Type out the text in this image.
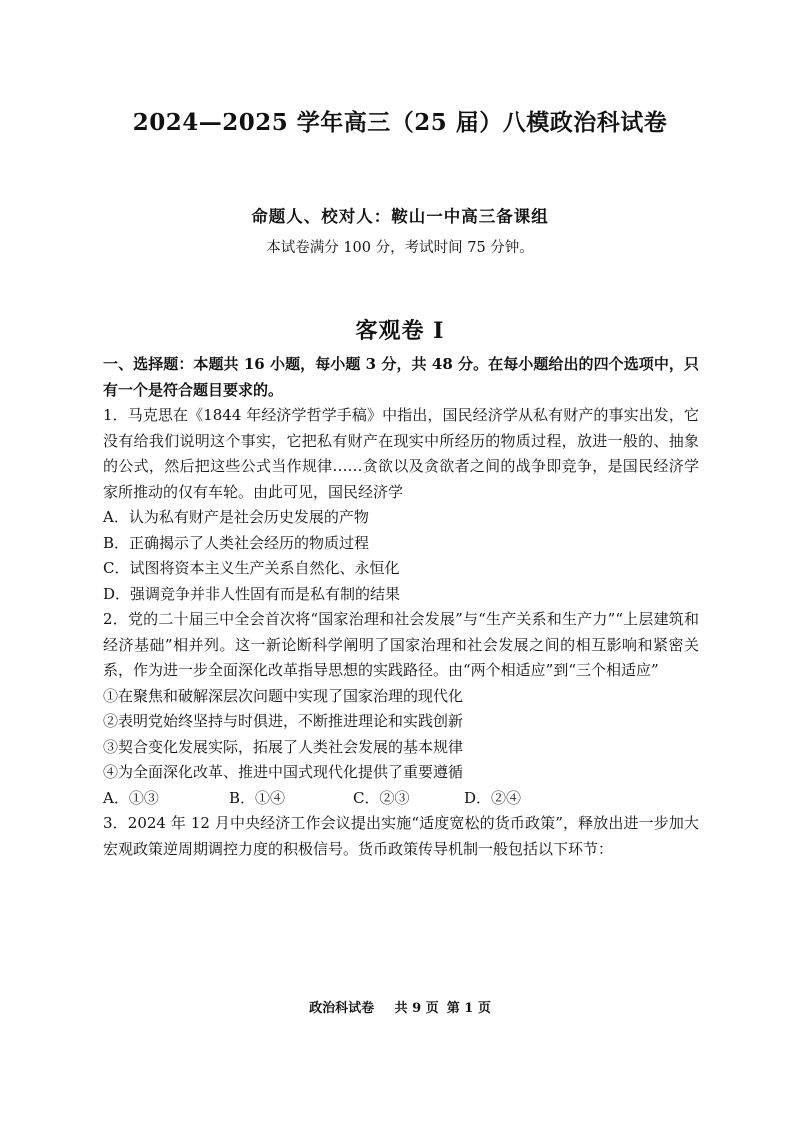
2024—2025 学年高三（25 届）八模政治科试卷
命题人、校对人：鞍山一中高三备课组
本试卷满分 100 分，考试时间 75 分钟。
客观卷 I

一、选择题：本题共 16 小题，每小题 3 分，共 48 分。在每小题给出的四个选项中，只有一个是符合题目要求的。

1．马克思在《1844 年经济学哲学手稿》中指出，国民经济学从私有财产的事实出发，它没有给我们说明这个事实，它把私有财产在现实中所经历的物质过程，放进一般的、抽象的公式，然后把这些公式当作规律……贪欲以及贪欲者之间的战争即竞争，是国民经济学家所推动的仅有车轮。由此可见，国民经济学

A．认为私有财产是社会历史发展的产物

B．正确揭示了人类社会经历的物质过程

C．试图将资本主义生产关系自然化、永恒化

D．强调竞争并非人性固有而是私有制的结果

2．党的二十届三中全会首次将“国家治理和社会发展”与“生产关系和生产力”“上层建筑和经济基础”相并列。这一新论断科学阐明了国家治理和社会发展之间的相互影响和紧密关系，作为进一步全面深化改革指导思想的实践路径。由“两个相适应”到“三个相适应”

①在聚焦和破解深层次问题中实现了国家治理的现代化

②表明党始终坚持与时俱进，不断推进理论和实践创新

③契合变化发展实际，拓展了人类社会发展的基本规律

④为全面深化改革、推进中国式现代化提供了重要遵循

A．①③	B．①④	C．②③	D．②④

3．2024 年 12 月中央经济工作会议提出实施“适度宽松的货币政策”，释放出进一步加大宏观政策逆周期调控力度的积极信号。货币政策传导机制一般包括以下环节：

政治科试卷 共 9 页 第 1 页
